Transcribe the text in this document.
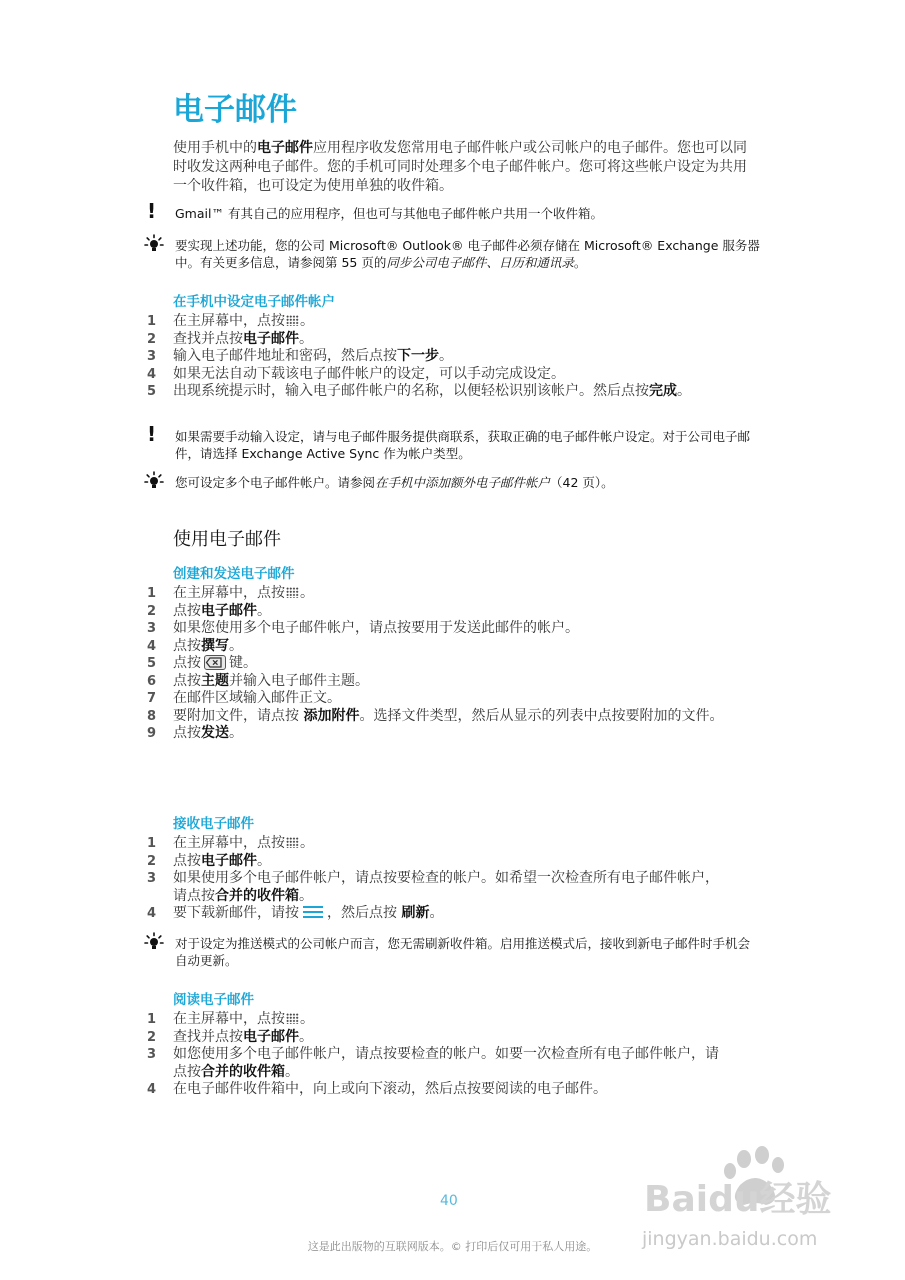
电子邮件
使用手机中的电子邮件应用程序收发您常用电子邮件帐户或公司帐户的电子邮件。您也可以同时收发这两种电子邮件。您的手机可同时处理多个电子邮件帐户。您可将这些帐户设定为共用一个收件箱，也可设定为使用单独的收件箱。
!	Gmail™ 有其自己的应用程序，但也可与其他电子邮件帐户共用一个收件箱。
要实现上述功能，您的公司 Microsoft® Outlook® 电子邮件必须存储在 Microsoft® Exchange 服务器中。有关更多信息，请参阅第 55 页的同步公司电子邮件、日历和通讯录。
在手机中设定电子邮件帐户
1	在主屏幕中，点按 。
2	查找并点按电子邮件。
3	输入电子邮件地址和密码，然后点按下一步。
4	如果无法自动下载该电子邮件帐户的设定，可以手动完成设定。
5	出现系统提示时，输入电子邮件帐户的名称，以便轻松识别该帐户。然后点按完成。
!	如果需要手动输入设定，请与电子邮件服务提供商联系，获取正确的电子邮件帐户设定。对于公司电子邮件，请选择 Exchange Active Sync 作为帐户类型。
您可设定多个电子邮件帐户。请参阅在手机中添加额外电子邮件帐户（42 页）。
使用电子邮件
创建和发送电子邮件
1	在主屏幕中，点按 。
2	点按电子邮件。
3	如果您使用多个电子邮件帐户，请点按要用于发送此邮件的帐户。
4	点按撰写。
5	点按 键。
6	点按主题并输入电子邮件主题。
7	在邮件区域输入邮件正文。
8	要附加文件，请点按 添加附件。选择文件类型，然后从显示的列表中点按要附加的文件。
9	点按发送。
接收电子邮件
1	在主屏幕中，点按 。
2	点按电子邮件。
3	如果使用多个电子邮件帐户，请点按要检查的帐户。如希望一次检查所有电子邮件帐户，请点按合并的收件箱。
4	要下载新邮件，请按 ，然后点按 刷新。
对于设定为推送模式的公司帐户而言，您无需刷新收件箱。启用推送模式后，接收到新电子邮件时手机会自动更新。
阅读电子邮件
1	在主屏幕中，点按 。
2	查找并点按电子邮件。
3	如您使用多个电子邮件帐户，请点按要检查的帐户。如要一次检查所有电子邮件帐户，请点按合并的收件箱。
4	在电子邮件收件箱中，向上或向下滚动，然后点按要阅读的电子邮件。
40	Baidu经验
jingyan.baidu.com
这是此出版物的互联网版本。© 打印后仅可用于私人用途。
